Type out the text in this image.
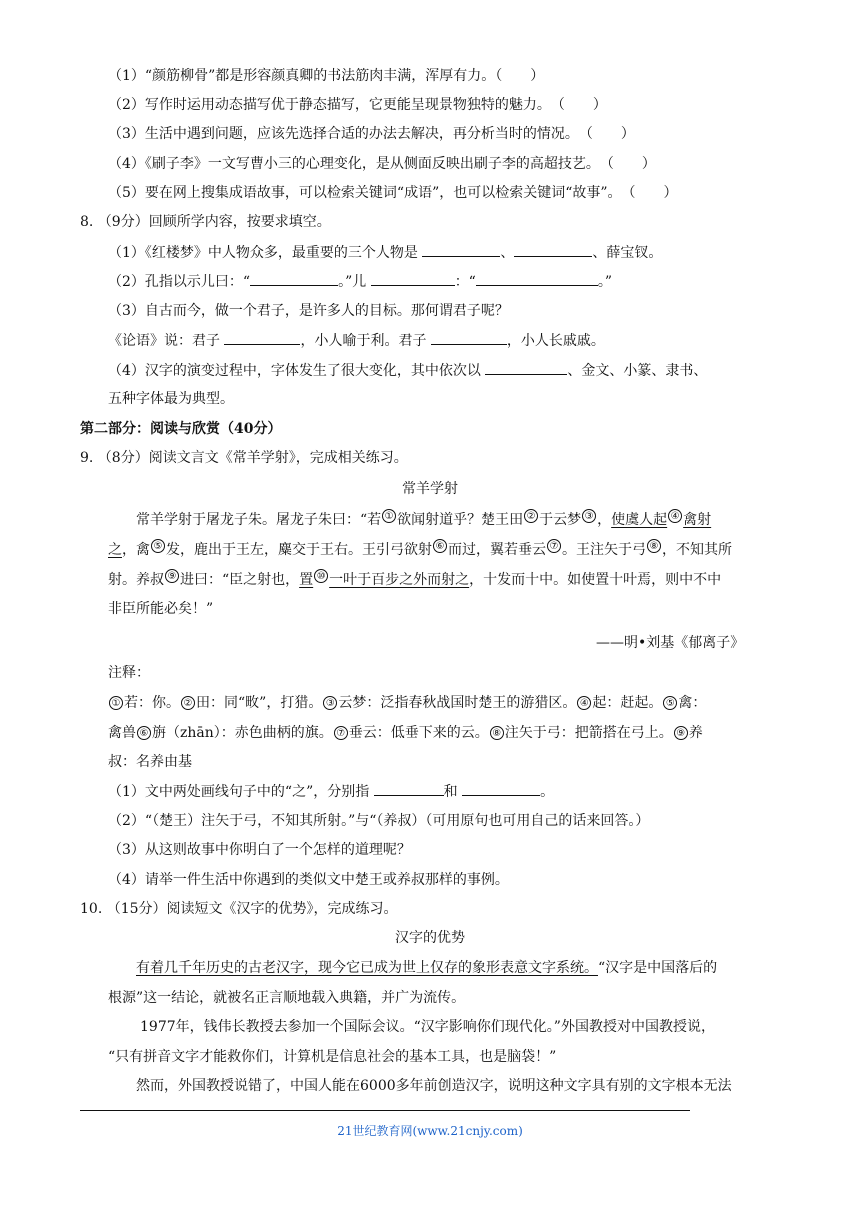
（1）“颜筋柳骨”都是形容颜真卿的书法筋肉丰满，浑厚有力。（　　）
（2）写作时运用动态描写优于静态描写，它更能呈现景物独特的魅力。　（　　）
（3）生活中遇到问题，应该先选择合适的办法去解决，再分析当时的情况。　（　　）
（4）《刷子李》一文写曹小三的心理变化，是从侧面反映出刷子李的高超技艺。　（　　）
（5）要在网上搜集成语故事，可以检索关键词“成语”，也可以检索关键词“故事”。　（　　）
8. （9分）回顾所学内容，按要求填空。
（1）《红楼梦》中人物众多，最重要的三个人物是	、	、薛宝钗。
（2）孔指以示儿曰：“	。”儿	：“	。”
（3）自古而今，做一个君子，是许多人的目标。那何谓君子呢？
《论语》说：君子	，小人喻于利。君子	，小人长戚戚。
（4）汉字的演变过程中，字体发生了很大变化，其中依次以	、金文、小篆、隶书、
五种字体最为典型。
第二部分：阅读与欣赏（40分）
9. （8分）阅读文言文《常羊学射》，完成相关练习。
常羊学射
常羊学射于屠龙子朱。屠龙子朱曰：“若 ① 欲闻射道乎？楚王田 ② 于云梦 ③ ，使虞人起 ④ 禽射
之，禽 ⑤ 发，鹿出于王左，麋交于王右。王引弓欲射 ⑥ 而过，翼若垂云 ⑦ 。王注矢于弓 ⑧ ，不知其所
射。养叔 ⑨ 进曰：“臣之射也，置 ⑩ 一叶于百步之外而射之，十发而十中。如使置十叶焉，则中不中
非臣所能必矣！”
——明•刘基《郁离子》
注释：
① 若：你。 ② 田：同“畋”，打猎。 ③ 云梦：泛指春秋战国时楚王的游猎区。 ④ 起：赶起。 ⑤ 禽：
禽兽 ⑥ 旃（zhān）：赤色曲柄的旗。 ⑦ 垂云：低垂下来的云。 ⑧ 注矢于弓：把箭搭在弓上。 ⑨ 养
叔：名养由基
（1）文中两处画线句子中的“之”，分别指	和	。
（2）“（楚王）注矢于弓，不知其所射。”与“（养叔）（可用原句也可用自己的话来回答。）
（3）从这则故事中你明白了一个怎样的道理呢？
（4）请举一件生活中你遇到的类似文中楚王或养叔那样的事例。
10. （15分）阅读短文《汉字的优势》，完成练习。
汉字的优势
有着几千年历史的古老汉字，现今它已成为世上仅存的象形表意文字系统。“汉字是中国落后的
根源”这一结论，就被名正言顺地载入典籍，并广为流传。
1977年，钱伟长教授去参加一个国际会议。“汉字影响你们现代化。”外国教授对中国教授说，
“只有拼音文字才能救你们，计算机是信息社会的基本工具，也是脑袋！”
然而，外国教授说错了，中国人能在6000多年前创造汉字，说明这种文字具有别的文字根本无法
21世纪教育网(www.21cnjy.com)
